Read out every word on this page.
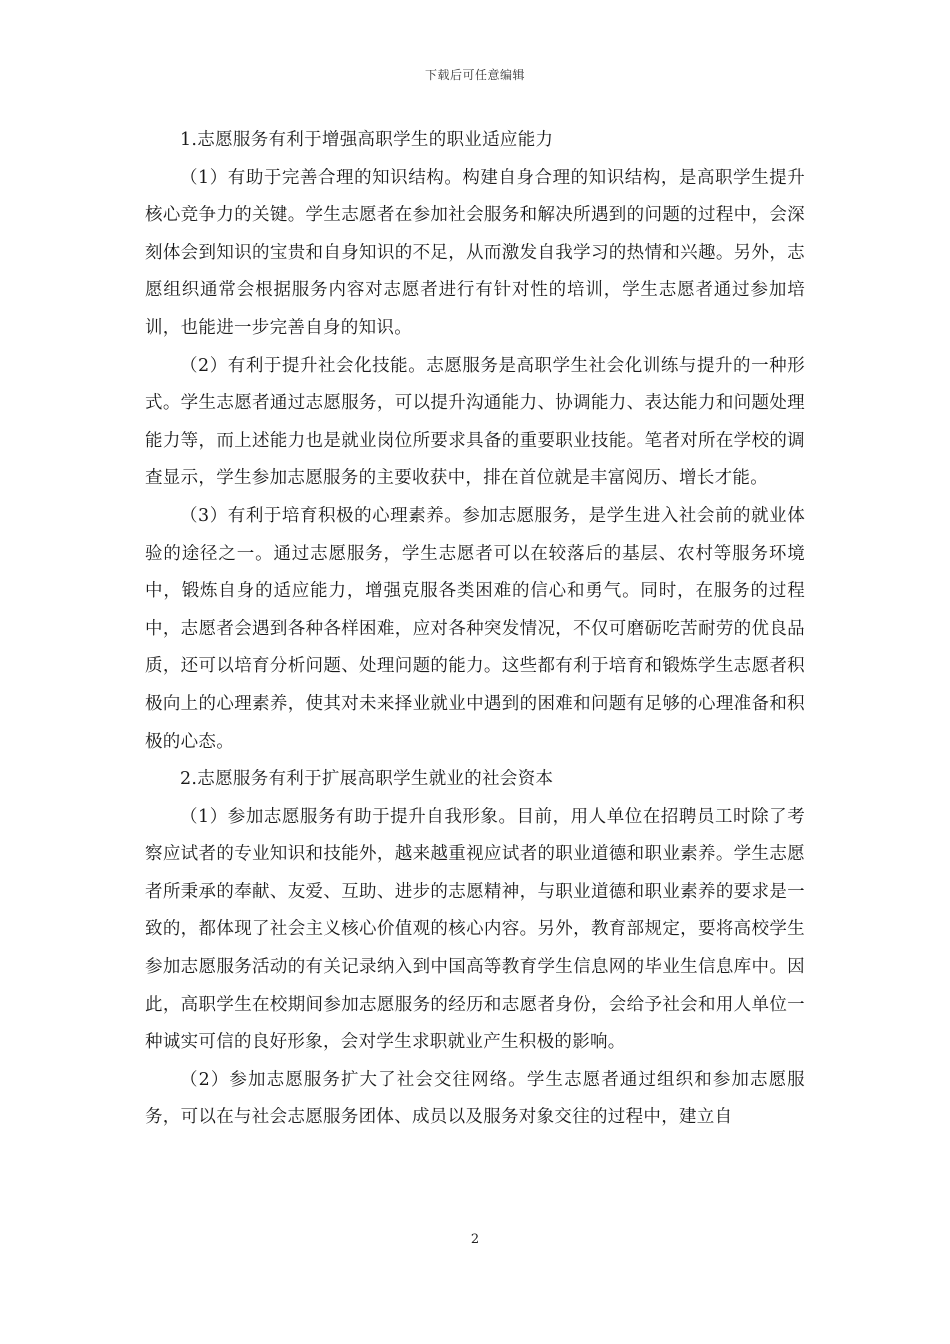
下载后可任意编辑

1.志愿服务有利于增强高职学生的职业适应能力

（1）有助于完善合理的知识结构。构建自身合理的知识结构，是高职学生提升核心竞争力的关键。学生志愿者在参加社会服务和解决所遇到的问题的过程中，会深刻体会到知识的宝贵和自身知识的不足，从而激发自我学习的热情和兴趣。另外，志愿组织通常会根据服务内容对志愿者进行有针对性的培训，学生志愿者通过参加培训，也能进一步完善自身的知识。

（2）有利于提升社会化技能。志愿服务是高职学生社会化训练与提升的一种形式。学生志愿者通过志愿服务，可以提升沟通能力、协调能力、表达能力和问题处理能力等，而上述能力也是就业岗位所要求具备的重要职业技能。笔者对所在学校的调查显示，学生参加志愿服务的主要收获中，排在首位就是丰富阅历、增长才能。

（3）有利于培育积极的心理素养。参加志愿服务，是学生进入社会前的就业体验的途径之一。通过志愿服务，学生志愿者可以在较落后的基层、农村等服务环境中，锻炼自身的适应能力，增强克服各类困难的信心和勇气。同时，在服务的过程中，志愿者会遇到各种各样困难，应对各种突发情况，不仅可磨砺吃苦耐劳的优良品质，还可以培育分析问题、处理问题的能力。这些都有利于培育和锻炼学生志愿者积极向上的心理素养，使其对未来择业就业中遇到的困难和问题有足够的心理准备和积极的心态。

2.志愿服务有利于扩展高职学生就业的社会资本

（1）参加志愿服务有助于提升自我形象。目前，用人单位在招聘员工时除了考察应试者的专业知识和技能外，越来越重视应试者的职业道德和职业素养。学生志愿者所秉承的奉献、友爱、互助、进步的志愿精神，与职业道德和职业素养的要求是一致的，都体现了社会主义核心价值观的核心内容。另外，教育部规定，要将高校学生参加志愿服务活动的有关记录纳入到中国高等教育学生信息网的毕业生信息库中。因此，高职学生在校期间参加志愿服务的经历和志愿者身份，会给予社会和用人单位一种诚实可信的良好形象，会对学生求职就业产生积极的影响。

（2）参加志愿服务扩大了社会交往网络。学生志愿者通过组织和参加志愿服务，可以在与社会志愿服务团体、成员以及服务对象交往的过程中，建立自

2
